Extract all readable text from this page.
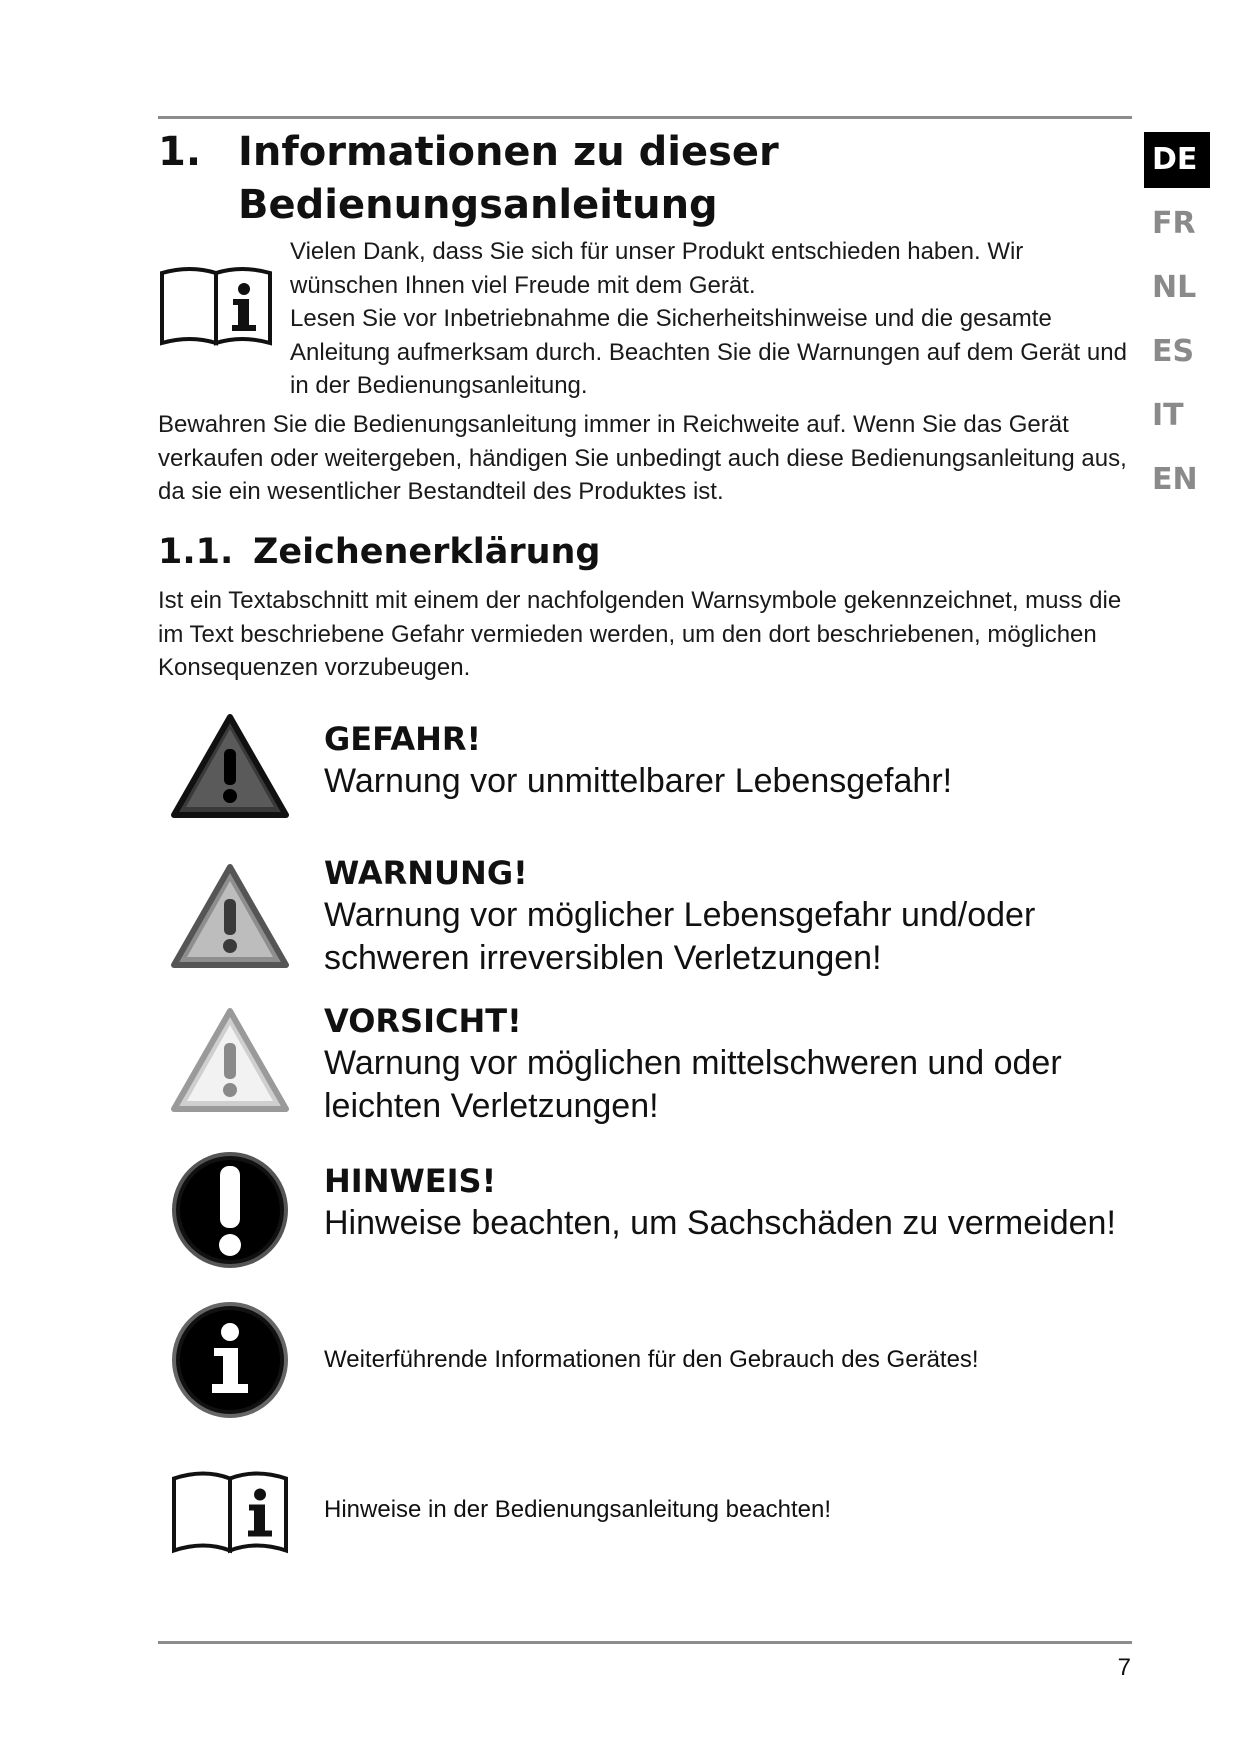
DE
FR
NL
ES
IT
EN
1. Informationen zu dieser
Bedienungsanleitung

Vielen Dank, dass Sie sich für unser Produkt entschieden haben. Wir wünschen Ihnen viel Freude mit dem Gerät.

Lesen Sie vor Inbetriebnahme die Sicherheitshinweise und die gesamte Anleitung aufmerksam durch. Beachten Sie die Warnungen auf dem Gerät und in der Bedienungsanleitung.

Bewahren Sie die Bedienungsanleitung immer in Reichweite auf. Wenn Sie das Gerät verkaufen oder weitergeben, händigen Sie unbedingt auch diese Bedienungsanleitung aus, da sie ein wesentlicher Bestandteil des Produktes ist.

1.1. Zeichenerklärung

Ist ein Textabschnitt mit einem der nachfolgenden Warnsymbole gekennzeichnet, muss die im Text beschriebene Gefahr vermieden werden, um den dort beschriebenen, möglichen Konsequenzen vorzubeugen.

GEFAHR!
Warnung vor unmittelbarer Lebensgefahr!
WARNUNG!
Warnung vor möglicher Lebensgefahr und/oder schweren irreversiblen Verletzungen!
VORSICHT!
Warnung vor möglichen mittelschweren und oder leichten Verletzungen!
HINWEIS!
Hinweise beachten, um Sachschäden zu vermeiden!
Weiterführende Informationen für den Gebrauch des Gerätes!
Hinweise in der Bedienungsanleitung beachten!
7
